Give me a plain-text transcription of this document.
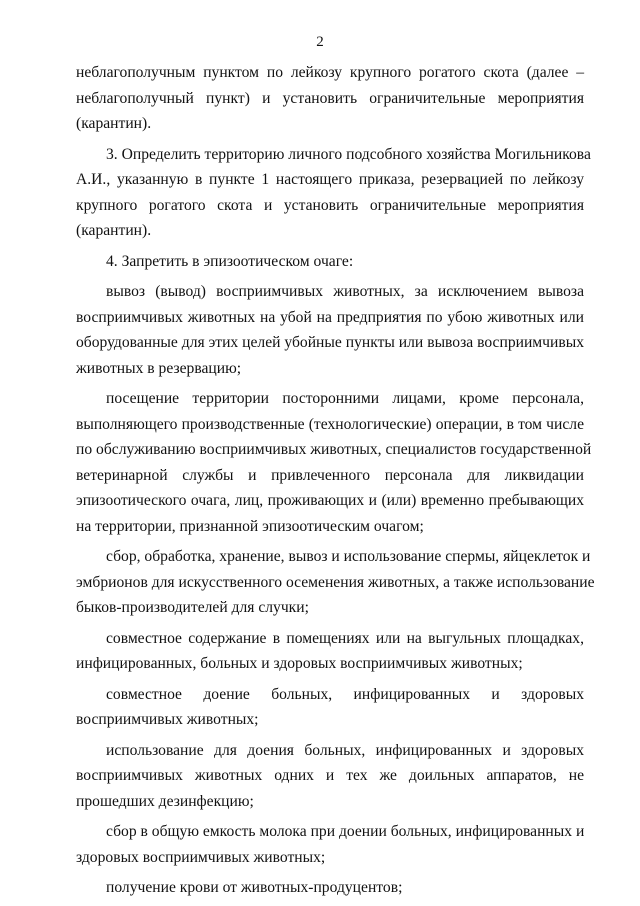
2
неблагополучным пунктом по лейкозу крупного рогатого скота (далее –
неблагополучный пункт) и установить ограничительные мероприятия
(карантин).
3. Определить территорию личного подсобного хозяйства Могильникова
А.И., указанную в пункте 1 настоящего приказа, резервацией по лейкозу
крупного рогатого скота и установить ограничительные мероприятия
(карантин).
4. Запретить в эпизоотическом очаге:
вывоз (вывод) восприимчивых животных, за исключением вывоза
восприимчивых животных на убой на предприятия по убою животных или
оборудованные для этих целей убойные пункты или вывоза восприимчивых
животных в резервацию;
посещение территории посторонними лицами, кроме персонала,
выполняющего производственные (технологические) операции, в том числе
по обслуживанию восприимчивых животных, специалистов государственной
ветеринарной службы и привлеченного персонала для ликвидации
эпизоотического очага, лиц, проживающих и (или) временно пребывающих
на территории, признанной эпизоотическим очагом;
сбор, обработка, хранение, вывоз и использование спермы, яйцеклеток и
эмбрионов для искусственного осеменения животных, а также использование
быков-производителей для случки;
совместное содержание в помещениях или на выгульных площадках,
инфицированных, больных и здоровых восприимчивых животных;
совместное доение больных, инфицированных и здоровых
восприимчивых животных;
использование для доения больных, инфицированных и здоровых
восприимчивых животных одних и тех же доильных аппаратов, не
прошедших дезинфекцию;
сбор в общую емкость молока при доении больных, инфицированных и
здоровых восприимчивых животных;
получение крови от животных-продуцентов;
